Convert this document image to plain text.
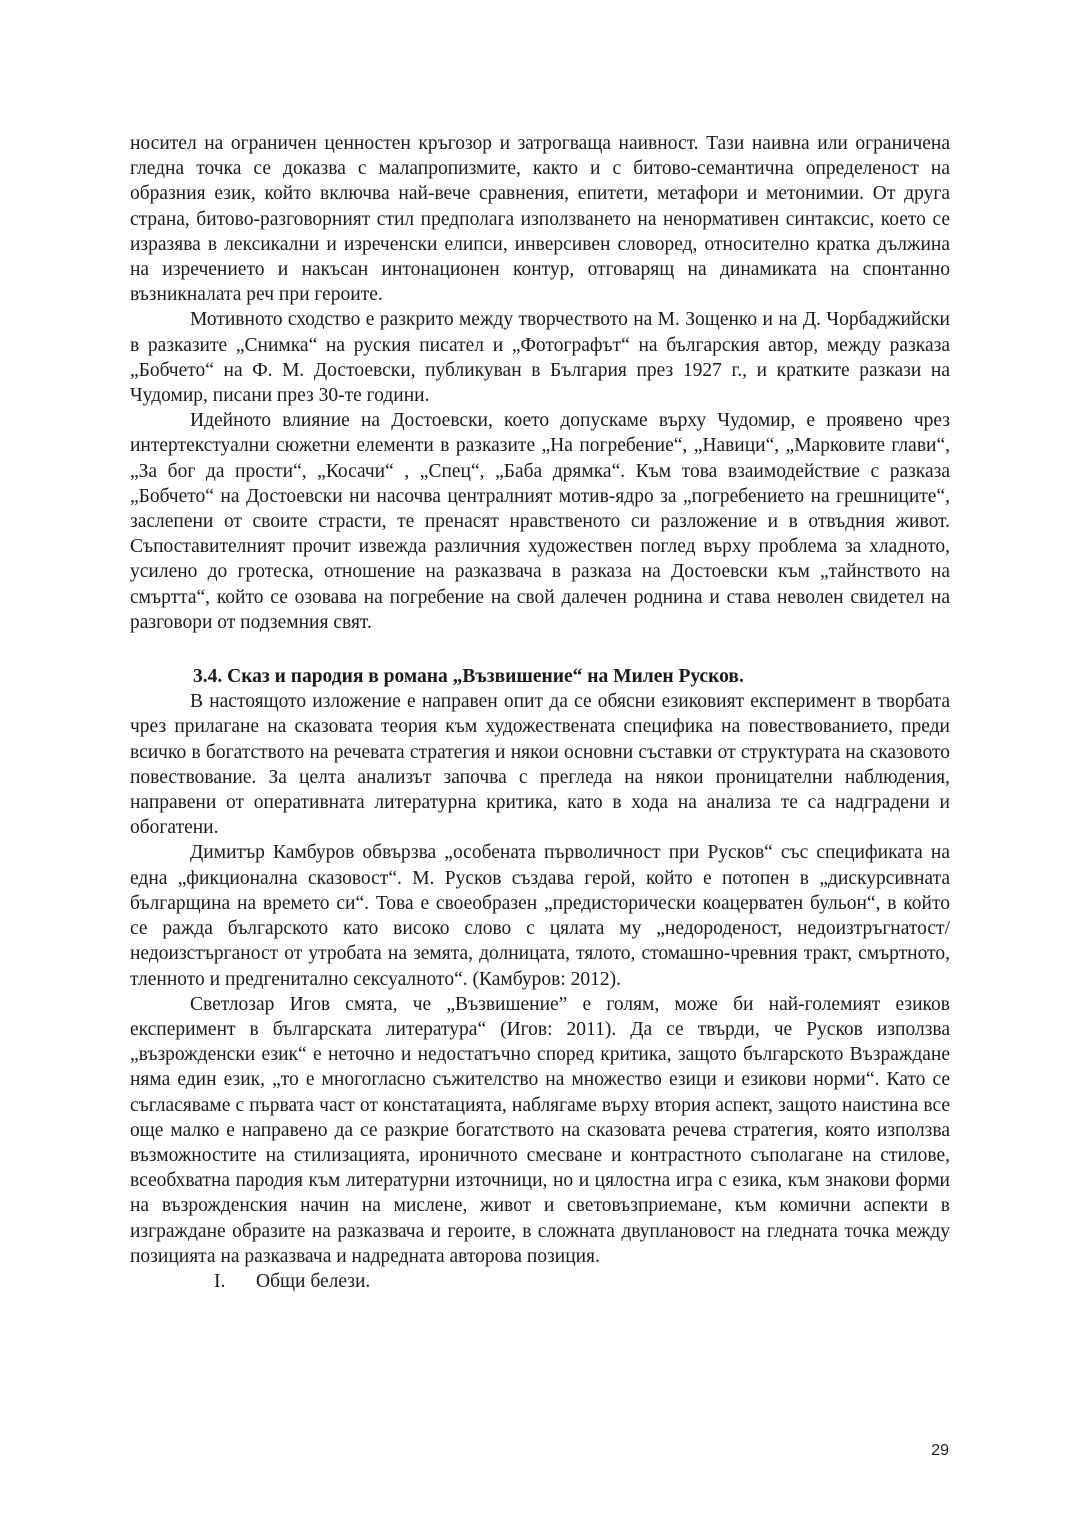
носител на ограничен ценностен кръгозор и затрогваща наивност. Тази наивна или ограничена гледна точка се доказва с малапропизмите, както и с битово-семантична определеност на образния език, който включва най-вече сравнения, епитети, метафори и метонимии. От друга страна, битово-разговорният стил предполага използването на ненормативен синтаксис, което се изразява в лексикални и изреченски елипси, инверсивен словоред, относително кратка дължина на изречението и накъсан интонационен контур, отговарящ на динамиката на спонтанно възникналата реч при героите.

Мотивното сходство е разкрито между творчеството на М. Зощенко и на Д. Чорбаджийски в разказите „Снимка“ на руския писател и „Фотографът“ на българския автор, между разказа „Бобчето“ на Ф. М. Достоевски, публикуван в България през 1927 г., и кратките разкази на Чудомир, писани през 30-те години.

Идейното влияние на Достоевски, което допускаме върху Чудомир, е проявено чрез интертекстуални сюжетни елементи в разказите „На погребение“, „Навици“, „Марковите глави“, „За бог да прости“, „Косачи“ , „Спец“, „Баба дрямка“. Към това взаимодействие с разказа „Бобчето“ на Достоевски ни насочва централният мотив-ядро за „погребението на грешниците“, заслепени от своите страсти, те пренасят нравственото си разложение и в отвъдния живот. Съпоставителният прочит извежда различния художествен поглед върху проблема за хладното, усилено до гротеска, отношение на разказвача в разказа на Достоевски към „тайнството на смъртта“, който се озовава на погребение на свой далечен роднина и става неволен свидетел на разговори от подземния свят.

3.4. Сказ и пародия в романа „Възвишение“ на Милен Русков.

В настоящото изложение е направен опит да се обясни езиковият експеримент в творбата чрез прилагане на сказовата теория към художествената специфика на повествованието, преди всичко в богатството на речевата стратегия и някои основни съставки от структурата на сказовото повествование. За целта анализът започва с прегледа на някои проницателни наблюдения, направени от оперативната литературна критика, като в хода на анализа те са надградени и обогатени.

Димитър Камбуров обвързва „особената първоличност при Русков“ със спецификата на една „фикционална сказовост“. М. Русков създава герой, който е потопен в „дискурсивната българщина на времето си“. Това е своеобразен „предисторически коацерватен бульон“, в който се ражда българското като високо слово с цялата му „недороденост, недоизтръгнатост/недоизстърганост от утробата на земята, долницата, тялото, стомашно-чревния тракт, смъртното, тленното и предгенитално сексуалното“. (Камбуров: 2012).

Светлозар Игов смята, че „Възвишение” е голям, може би най-големият езиков експеримент в българската литература“ (Игов: 2011). Да се твърди, че Русков използва „възрожденски език“ е неточно и недостатъчно според критика, защото българското Възраждане няма един език, „то е многогласно съжителство на множество езици и езикови норми“. Като се съгласяваме с първата част от констатацията, наблягаме върху втория аспект, защото наистина все още малко е направено да се разкрие богатството на сказовата речева стратегия, която използва възможностите на стилизацията, ироничното смесване и контрастното съполагане на стилове, всеобхватна пародия към литературни източници, но и цялостна игра с езика, към знакови форми на възрожденския начин на мислене, живот и световъзприемане, към комични аспекти в изграждане образите на разказвача и героите, в сложната двуплановост на гледната точка между позицията на разказвача и надредната авторова позиция.

I.	Общи белези.
29
